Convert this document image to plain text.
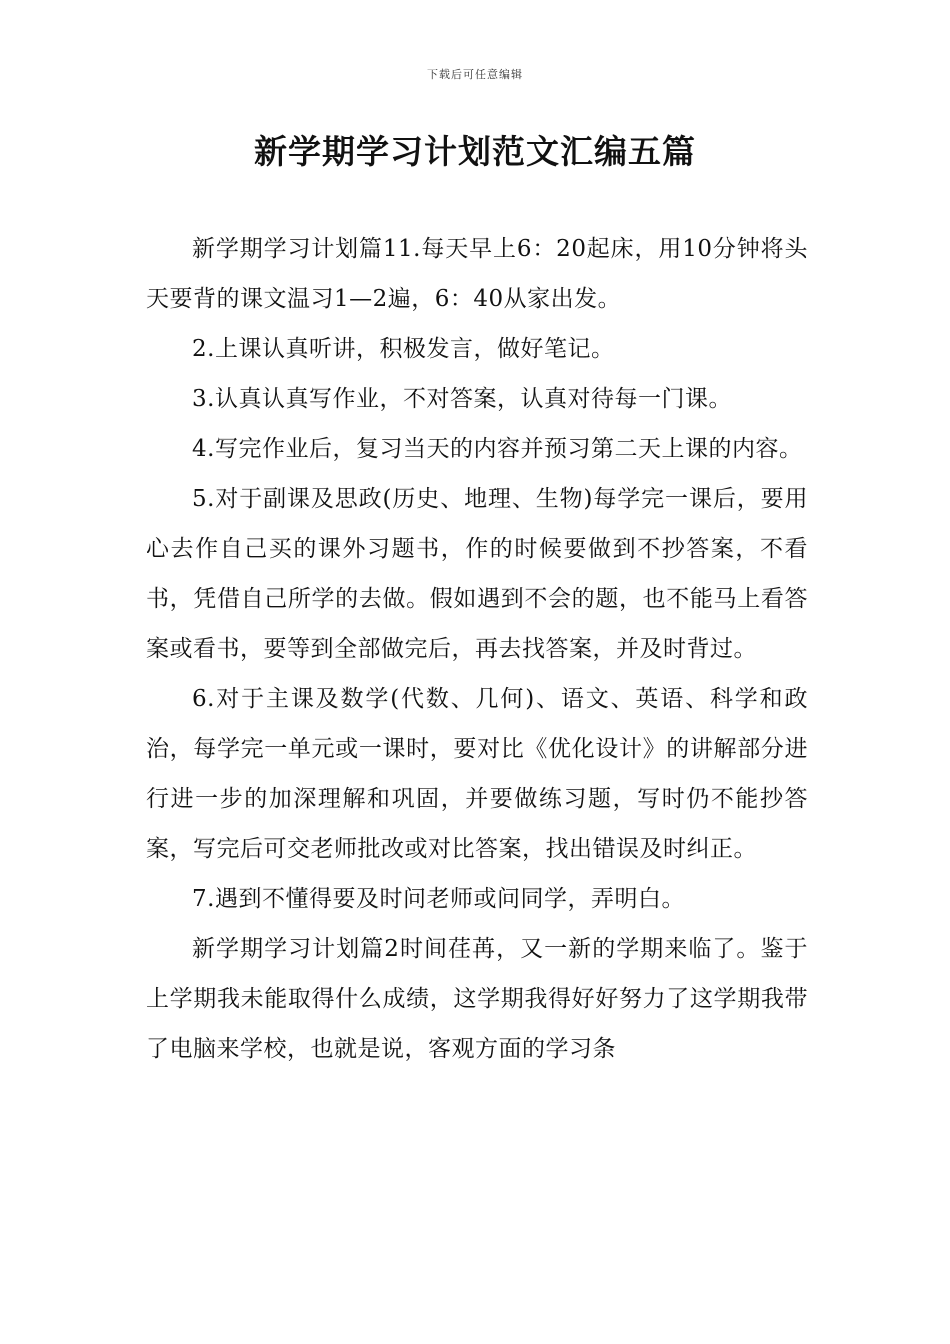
下载后可任意编辑
新学期学习计划范文汇编五篇

新学期学习计划篇11.每天早上6：20起床，用10分钟将头天要背的课文温习1—2遍，6：40从家出发。

2.上课认真听讲，积极发言，做好笔记。

3.认真认真写作业，不对答案，认真对待每一门课。

4.写完作业后，复习当天的内容并预习第二天上课的内容。

5.对于副课及思政(历史、地理、生物)每学完一课后，要用心去作自己买的课外习题书，作的时候要做到不抄答案，不看书，凭借自己所学的去做。假如遇到不会的题，也不能马上看答案或看书，要等到全部做完后，再去找答案，并及时背过。

6.对于主课及数学(代数、几何)、语文、英语、科学和政治，每学完一单元或一课时，要对比《优化设计》的讲解部分进行进一步的加深理解和巩固，并要做练习题，写时仍不能抄答案，写完后可交老师批改或对比答案，找出错误及时纠正。

7.遇到不懂得要及时问老师或问同学，弄明白。

新学期学习计划篇2时间荏苒，又一新的学期来临了。鉴于上学期我未能取得什么成绩，这学期我得好好努力了这学期我带了电脑来学校，也就是说，客观方面的学习条
